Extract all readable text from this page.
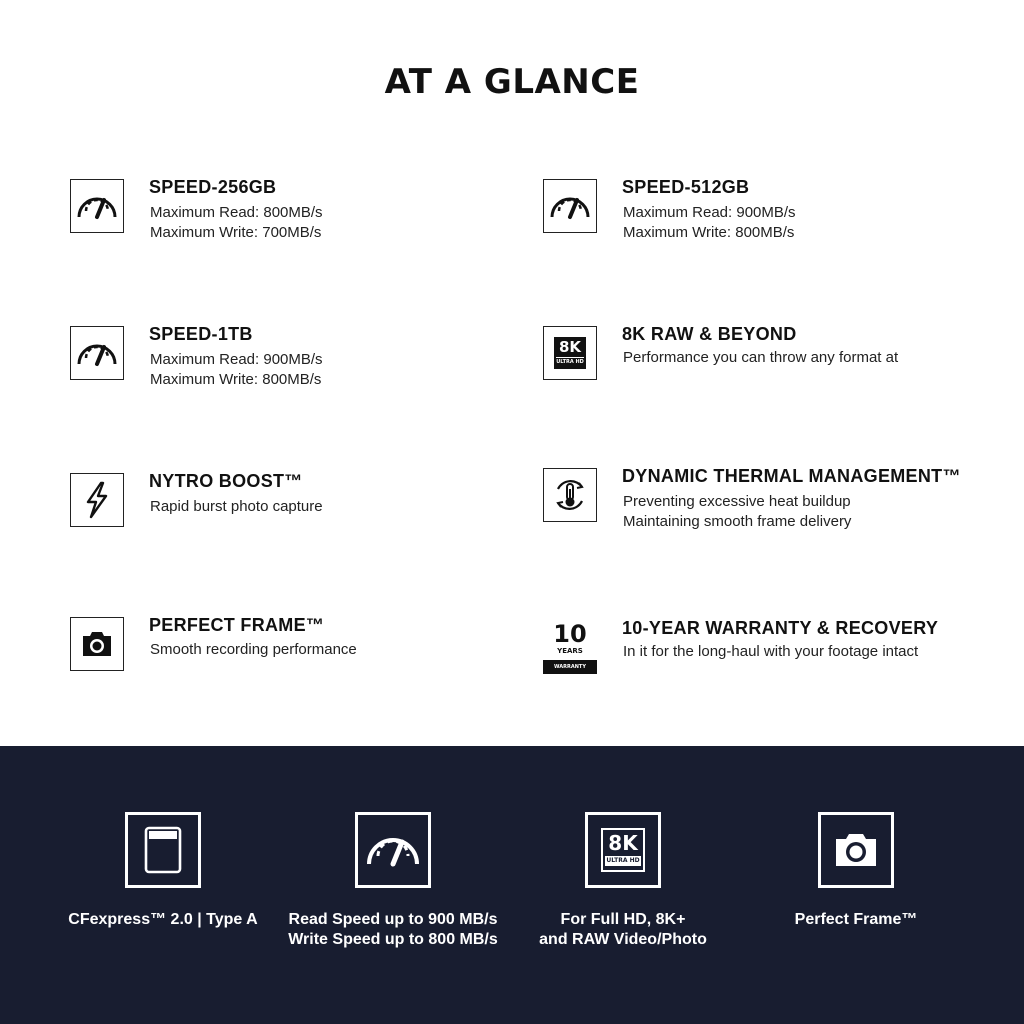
AT A GLANCE
SPEED-256GB
Maximum Read: 800MB/s
Maximum Write: 700MB/s
SPEED-512GB
Maximum Read: 900MB/s
Maximum Write: 800MB/s
SPEED-1TB
Maximum Read: 900MB/s
Maximum Write: 800MB/s
8K
ULTRA HD
8K RAW & BEYOND
Performance you can throw any format at
NYTRO BOOST™
Rapid burst photo capture
DYNAMIC THERMAL MANAGEMENT™
Preventing excessive heat buildup
Maintaining smooth frame delivery
PERFECT FRAME™
Smooth recording performance
10
YEARS
WARRANTY
10-YEAR WARRANTY & RECOVERY
In it for the long-haul with your footage intact
CFexpress™ 2.0 | Type A	Read Speed up to 900 MB/s
Write Speed up to 800 MB/s
8K
ULTRA HD
For Full HD, 8K+
and RAW Video/Photo
Perfect Frame™
